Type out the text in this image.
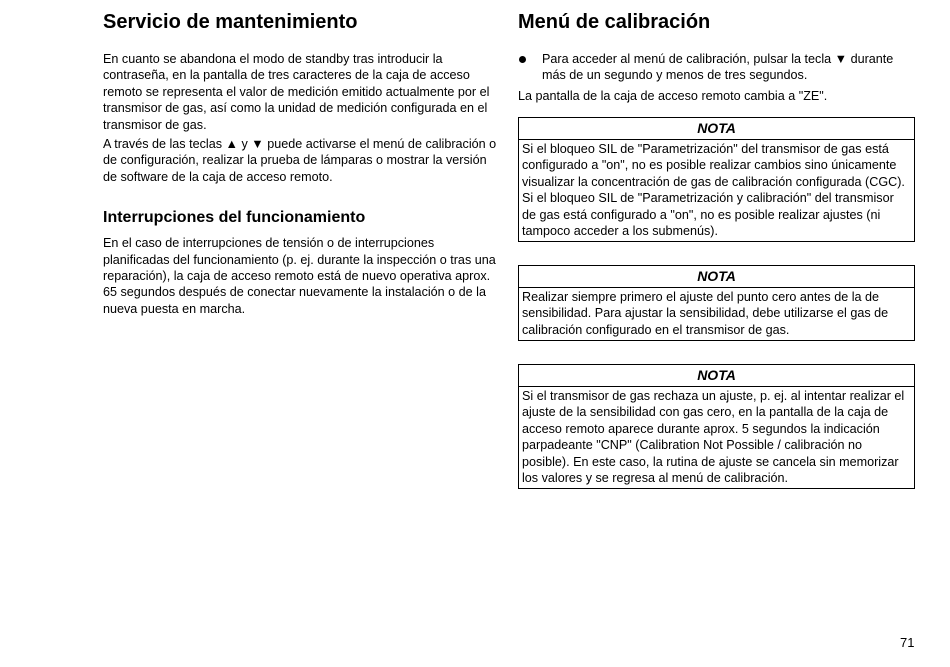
Servicio de mantenimiento

En cuanto se abandona el modo de standby tras introducir la contraseña, en la pantalla de tres caracteres de la caja de acceso remoto se representa el valor de medición emitido actualmente por el transmisor de gas, así como la unidad de medición configurada en el transmisor de gas.

A través de las teclas ▲ y ▼ puede activarse el menú de calibración o de configuración, realizar la prueba de lámparas o mostrar la versión de software de la caja de acceso remoto.

Interrupciones del funcionamiento

En el caso de interrupciones de tensión o de interrupciones planificadas del funcionamiento (p. ej. durante la inspección o tras una reparación), la caja de acceso remoto está de nuevo operativa aprox. 65 segundos después de conectar nuevamente la instalación o de la nueva puesta en marcha.

Menú de calibración
Para acceder al menú de calibración, pulsar la tecla ▼ durante más de un segundo y menos de tres segundos.

La pantalla de la caja de acceso remoto cambia a "ZE".

NOTA
Si el bloqueo SIL de "Parametrización" del transmisor de gas está configurado a "on", no es posible realizar cambios sino únicamente visualizar la concentración de gas de calibración configurada (CGC). Si el bloqueo SIL de "Parametrización y calibración" del transmisor de gas está configurado a "on", no es posible realizar ajustes (ni tampoco acceder a los submenús).
NOTA
Realizar siempre primero el ajuste del punto cero antes de la de sensibilidad. Para ajustar la sensibilidad, debe utilizarse el gas de calibración configurado en el transmisor de gas.
NOTA
Si el transmisor de gas rechaza un ajuste, p. ej. al intentar realizar el ajuste de la sensibilidad con gas cero, en la pantalla de la caja de acceso remoto aparece durante aprox. 5 segundos la indicación parpadeante "CNP" (Calibration Not Possible / calibración no posible). En este caso, la rutina de ajuste se cancela sin memorizar los valores y se regresa al menú de calibración.
71
